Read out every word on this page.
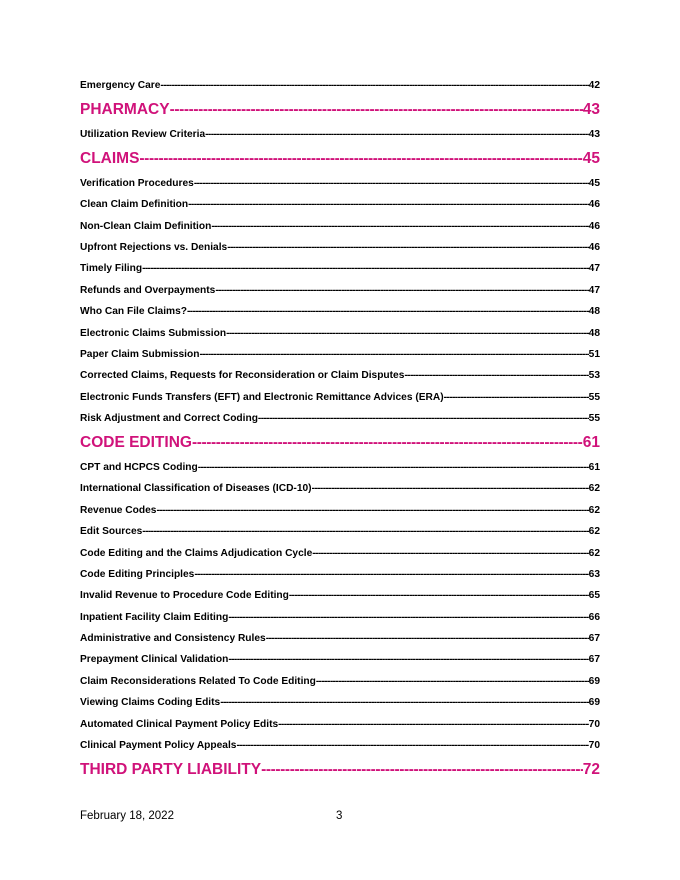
Emergency Care -----	42
PHARMACY -----	43
Utilization Review Criteria -----	43
CLAIMS -----	45
Verification Procedures -----	45
Clean Claim Definition -----	46
Non-Clean Claim Definition -----	46
Upfront Rejections vs. Denials -----	46
Timely Filing -----	47
Refunds and Overpayments -----	47
Who Can File Claims? -----	48
Electronic Claims Submission -----	48
Paper Claim Submission -----	51
Corrected Claims, Requests for Reconsideration or Claim Disputes -----	53
Electronic Funds Transfers (EFT) and Electronic Remittance Advices (ERA) -----	55
Risk Adjustment and Correct Coding -----	55
CODE EDITING -----	61
CPT and HCPCS Coding -----	61
International Classification of Diseases (ICD-10) -----	62
Revenue Codes -----	62
Edit Sources -----	62
Code Editing and the Claims Adjudication Cycle -----	62
Code Editing Principles -----	63
Invalid Revenue to Procedure Code Editing -----	65
Inpatient Facility Claim Editing -----	66
Administrative and Consistency Rules -----	67
Prepayment Clinical Validation -----	67
Claim Reconsiderations Related To Code Editing -----	69
Viewing Claims Coding Edits -----	69
Automated Clinical Payment Policy Edits -----	70
Clinical Payment Policy Appeals -----	70
THIRD PARTY LIABILITY -----	72
February 18, 2022	3
